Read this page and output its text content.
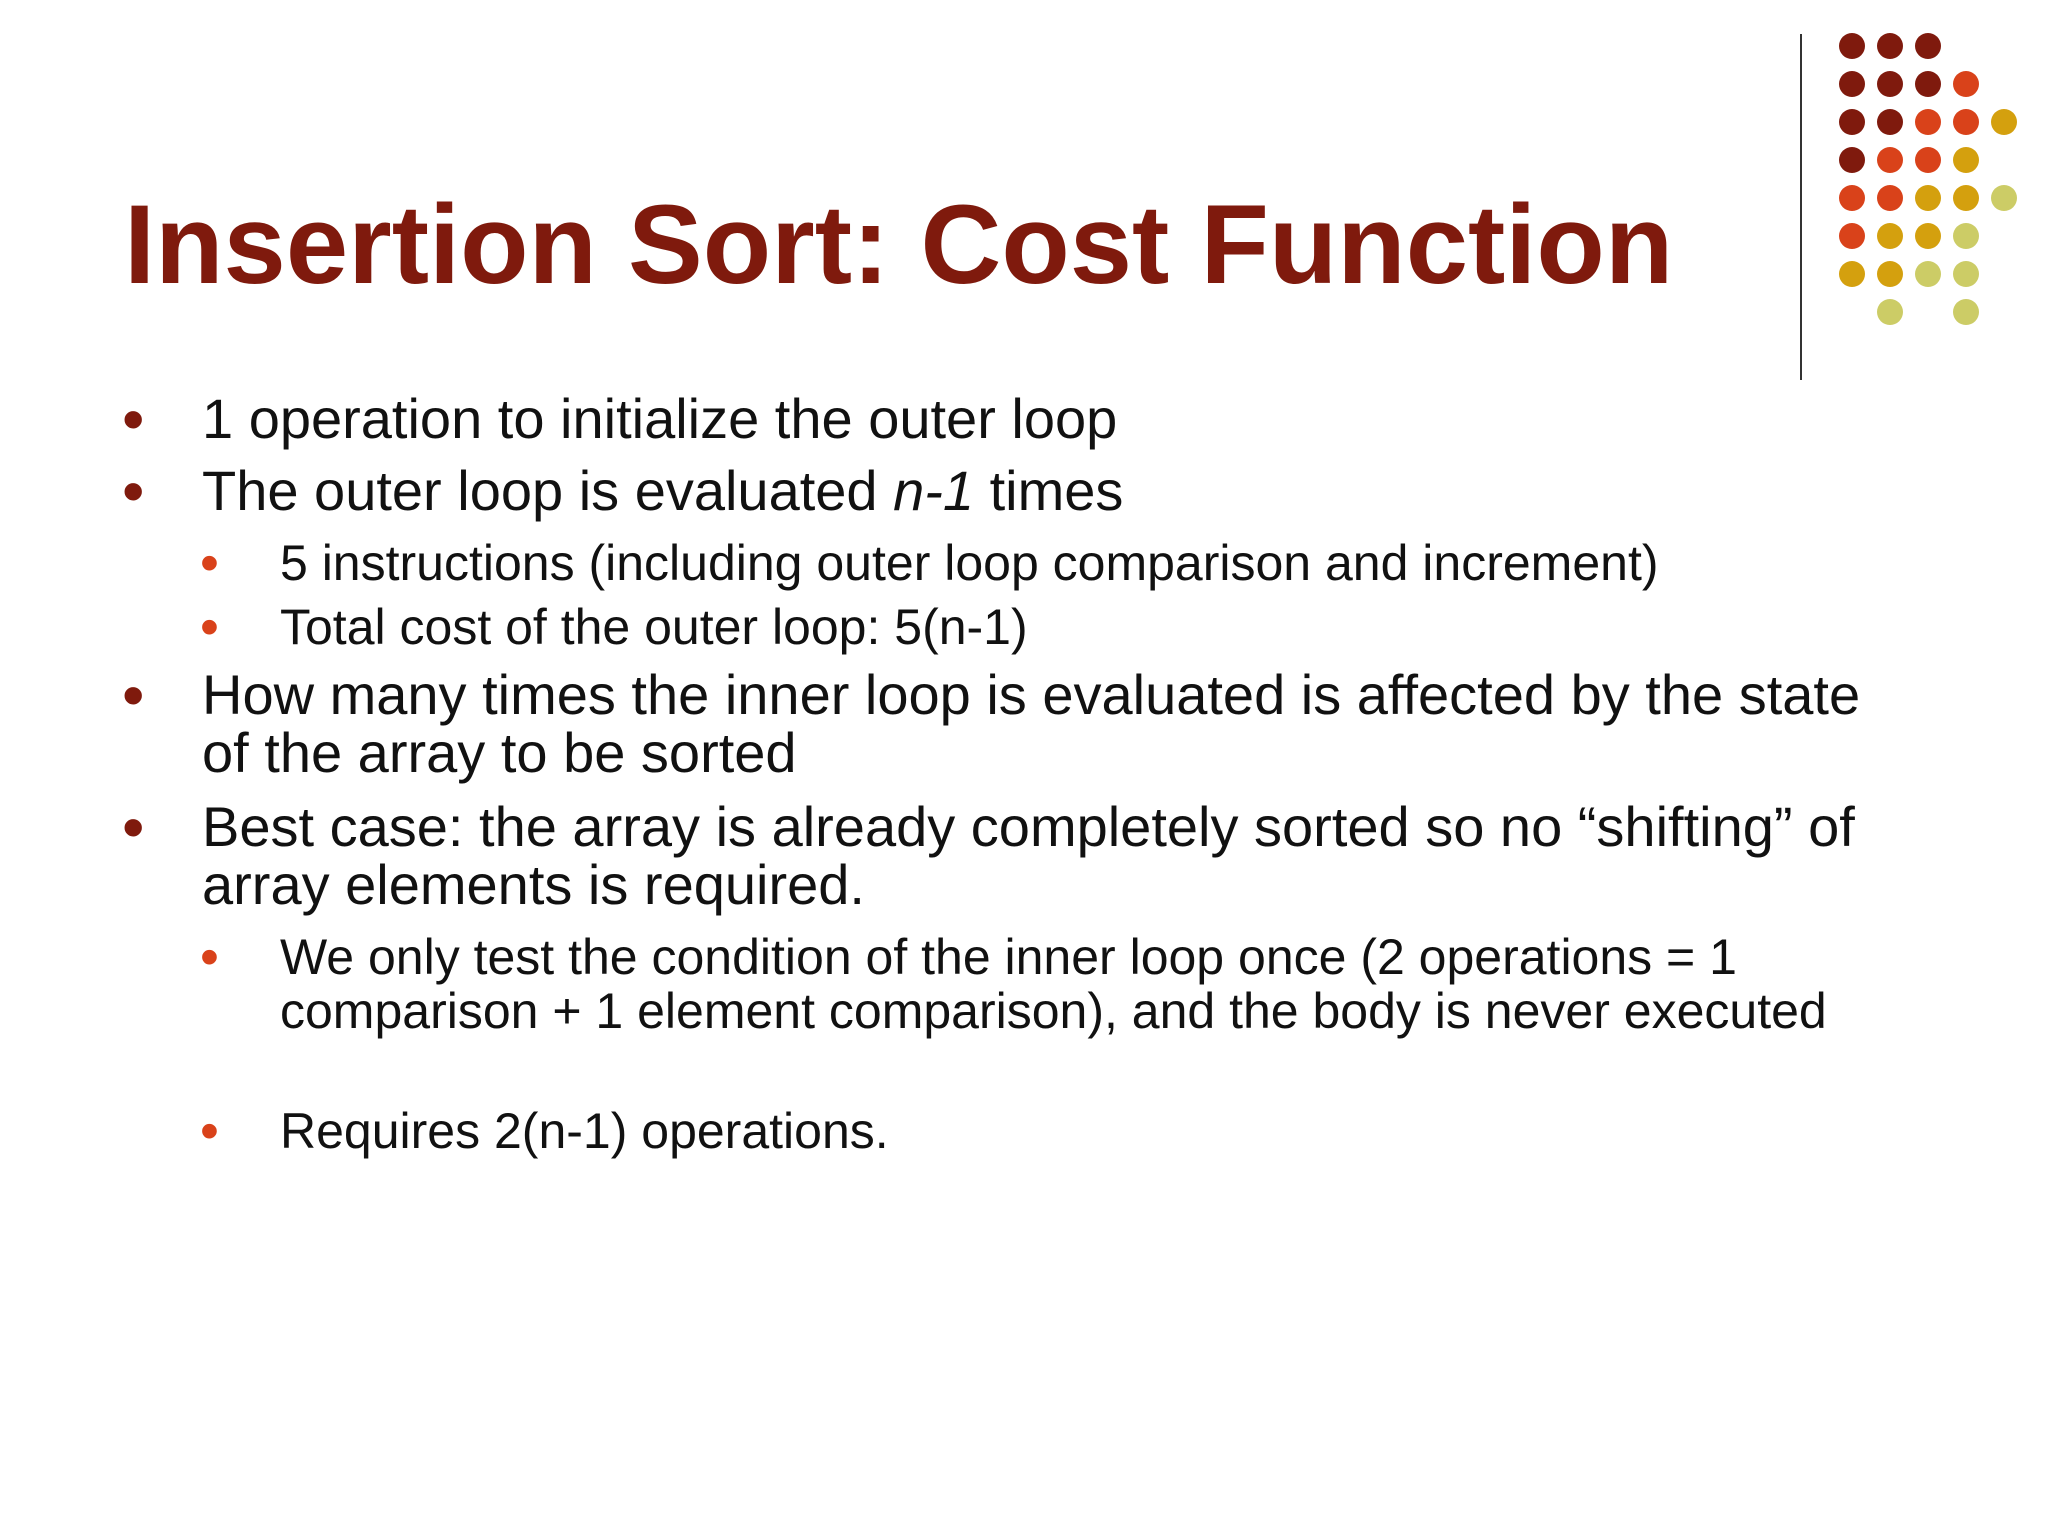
Insertion Sort: Cost Function
• 1 operation to initialize the outer loop
• The outer loop is evaluated n-1 times
• 5 instructions (including outer loop comparison and increment)
• Total cost of the outer loop: 5(n-1)
• How many times the inner loop is evaluated is affected by the state of the array to be sorted
• Best case: the array is already completely sorted so no “shifting” of array elements is required.
• We only test the condition of the inner loop once (2 operations = 1 comparison + 1 element comparison), and the body is never executed
• Requires 2(n-1) operations.
